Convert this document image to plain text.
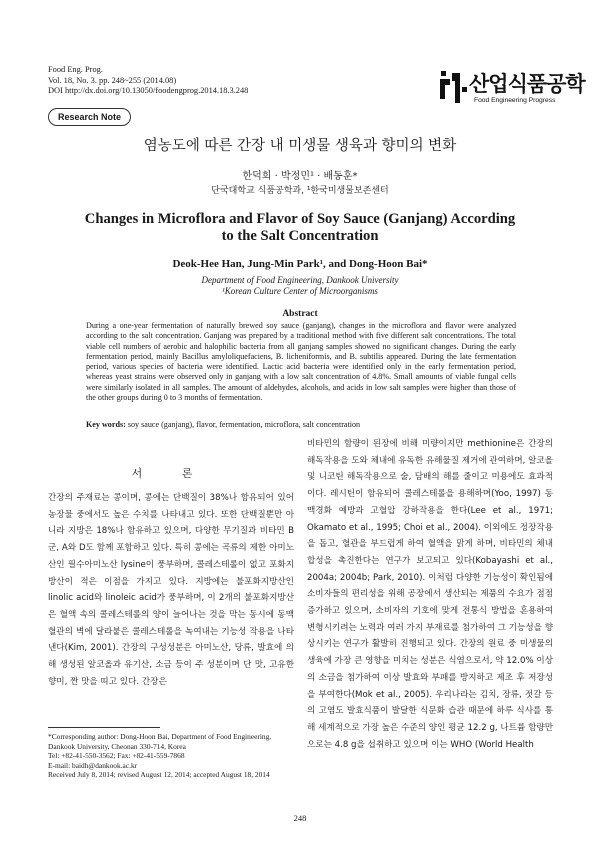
Food Eng. Prog.
Vol. 18, No. 3. pp. 248~255 (2014.08)
DOI http://dx.doi.org/10.13050/foodengprog.2014.18.3.248	산업식품공학
Food Engineering Progress
Research Note
염농도에 따른 간장 내 미생물 생육과 향미의 변화
한덕희 · 박정민¹ · 배동훈*
단국대학교 식품공학과, ¹한국미생물보존센터
Changes in Microflora and Flavor of Soy Sauce (Ganjang) According
to the Salt Concentration
Deok-Hee Han, Jung-Min Park¹, and Dong-Hoon Bai*
Department of Food Engineering, Dankook University
¹Korean Culture Center of Microorganisms
Abstract
During a one-year fermentation of naturally brewed soy sauce (ganjang), changes in the microflora and flavor were analyzed according to the salt concentration. Ganjang was prepared by a traditional method with five different salt concentrations. The total viable cell numbers of aerobic and halophilic bacteria from all ganjang samples showed no significant changes. During the early fermentation period, mainly Bacillus amyloliquefaciens, B. licheniformis, and B. subtilis appeared. During the late fermentation period, various species of bacteria were identified. Lactic acid bacteria were identified only in the early fermentation period, whereas yeast strains were observed only in ganjang with a low salt concentration of 4.8%. Small amounts of viable fungal cells were similarly isolated in all samples. The amount of aldehydes, alcohols, and acids in low salt samples were higher than those of the other groups during 0 to 3 months of fermentation.
Key words: soy sauce (ganjang), flavor, fermentation, microflora, salt concentration
서 론

간장의 주재료는 콩이며, 콩에는 단백질이 38%나 함유되어 있어 농장물 중에서도 높은 수치를 나타내고 있다. 또한 단백질뿐만 아니라 지방은 18%나 함유하고 있으며, 다양한 무기질과 비타민 B군, A와 D도 함께 포함하고 있다. 특히 콩에는 곡류의 제한 아미노산인 필수아미노산 lysine이 풍부하며, 콜레스테롤이 없고 포화지방산이 적은 이점을 가지고 있다. 지방에는 불포화지방산인 linolic acid와 linoleic acid가 풍부하며, 이 2개의 불포화지방산은 혈액 속의 콜레스테롤의 양이 늘어나는 것을 막는 동시에 동맥혈관의 벽에 달라붙은 콜레스테롤을 녹여내는 기능성 작용을 나타낸다(Kim, 2001). 간장의 구성성분은 아미노산, 당류, 발효에 의해 생성된 알코올과 유기산, 소금 등이 주 성분이며 단 맛, 고유한 향미, 짠 맛을 띠고 있다. 간장은

비타민의 함량이 된장에 비해 미량이지만 methionine은 간장의 해독작용을 도와 체내에 유독한 유해물질 제거에 관여하며, 알코올 및 니코틴 해독작용으로 술, 담배의 해를 줄이고 미용에도 효과적이다. 레시틴이 함유되어 콜레스테롤을 용해하며(Yoo, 1997) 동맥경화 예방과 고혈압 강하작용을 한다(Lee et al., 1971; Okamato et al., 1995; Choi et al., 2004). 이외에도 정장작용을 돕고, 혈관을 부드럽게 하여 혈액을 맑게 하며, 비타민의 체내 합성을 촉진한다는 연구가 보고되고 있다(Kobayashi et al., 2004a; 2004b; Park, 2010). 이처럼 다양한 기능성이 확인됨에 소비자들의 편리성을 위해 공장에서 생산되는 제품의 수요가 점점 증가하고 있으며, 소비자의 기호에 맞게 전통식 방법을 혼용하여 변형시키려는 노력과 여러 가지 부재료를 첨가하여 그 기능성을 향상시키는 연구가 활발히 진행되고 있다. 간장의 원료 중 미생물의 생육에 가장 큰 영향을 미치는 성분은 식염으로서, 약 12.0% 이상의 소금을 첨가하여 이상 발효와 부패를 방지하고 제조 후 저장성을 부여한다(Mok et al., 2005). 우리나라는 김치, 장류, 젓갈 등의 고염도 발효식품이 발달한 식문화 습관 때문에 하루 식사를 통해 세계적으로 가장 높은 수준의 양인 평균 12.2 g, 나트륨 함량만으로는 4.8 g을 섭취하고 있으며 이는 WHO (World Health

*Corresponding author: Dong-Hoon Bai, Department of Food Engineering, Dankook University, Cheonan 330-714, Korea
Tel: +82-41-550-3562; Fax: +82-41-559-7868
E-mail: baidh@dankook.ac.kr
Received July 8, 2014; revised August 12, 2014; accepted August 18, 2014
248
